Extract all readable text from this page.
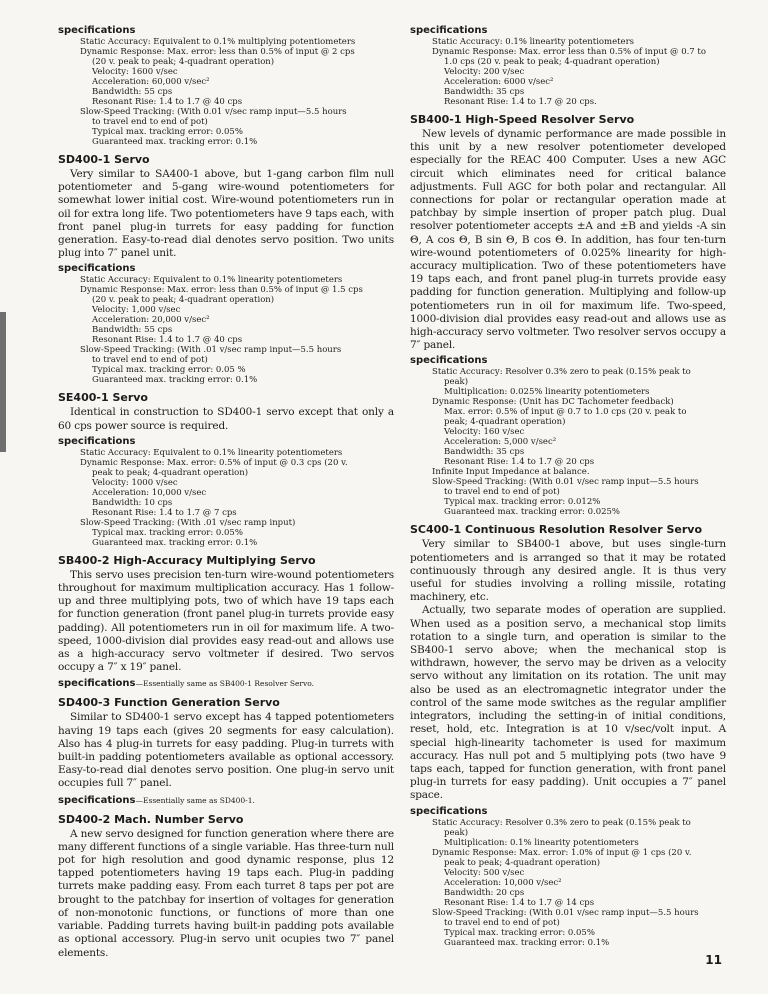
specifications
Static Accuracy: Equivalent to 0.1% multiplying potentiometers
Dynamic Response: Max. error: less than 0.5% of input @ 2 cps
(20 v. peak to peak; 4-quadrant operation)
Velocity: 1600 v/sec
Acceleration: 60,000 v/sec²
Bandwidth: 55 cps
Resonant Rise: 1.4 to 1.7 @ 40 cps
Slow-Speed Tracking: (With 0.01 v/sec ramp input—5.5 hours
to travel end to end of pot)
Typical max. tracking error: 0.05%
Guaranteed max. tracking error: 0.1%
SD400-1 Servo

Very similar to SA400-1 above, but 1-gang carbon film null potentiometer and 5-gang wire-wound potentiometers for somewhat lower initial cost. Wire-wound potentiometers run in oil for extra long life. Two potentiometers have 9 taps each, with front panel plug-in turrets for easy padding for function generation. Easy-to-read dial denotes servo position. Two units plug into 7″ panel unit.

specifications
Static Accuracy: Equivalent to 0.1% linearity potentiometers
Dynamic Response: Max. error: less than 0.5% of input @ 1.5 cps
(20 v. peak to peak; 4-quadrant operation)
Velocity: 1,000 v/sec
Acceleration: 20,000 v/sec²
Bandwidth: 55 cps
Resonant Rise: 1.4 to 1.7 @ 40 cps
Slow-Speed Tracking: (With .01 v/sec ramp input—5.5 hours
to travel end to end of pot)
Typical max. tracking error: 0.05 %
Guaranteed max. tracking error: 0.1%
SE400-1 Servo

Identical in construction to SD400-1 servo except that only a 60 cps power source is required.

specifications
Static Accuracy: Equivalent to 0.1% linearity potentiometers
Dynamic Response: Max. error: 0.5% of input @ 0.3 cps (20 v.
peak to peak; 4-quadrant operation)
Velocity: 1000 v/sec
Acceleration: 10,000 v/sec
Bandwidth: 10 cps
Resonant Rise: 1.4 to 1.7 @ 7 cps
Slow-Speed Tracking: (With .01 v/sec ramp input)
Typical max. tracking error: 0.05%
Guaranteed max. tracking error: 0.1%
SB400-2 High-Accuracy Multiplying Servo

This servo uses precision ten-turn wire-wound potentiometers throughout for maximum multiplication accuracy. Has 1 follow-up and three multiplying pots, two of which have 19 taps each for function generation (front panel plug-in turrets provide easy padding). All potentiometers run in oil for maximum life. A two-speed, 1000-division dial provides easy read-out and allows use as a high-accuracy servo voltmeter if desired. Two servos occupy a 7″ x 19″ panel.

specifications—Essentially same as SB400-1 Resolver Servo.
SD400-3 Function Generation Servo

Similar to SD400-1 servo except has 4 tapped potentiometers having 19 taps each (gives 20 segments for easy calculation). Also has 4 plug-in turrets for easy padding. Plug-in turrets with built-in padding potentiometers available as optional accessory. Easy-to-read dial denotes servo position. One plug-in servo unit occupies full 7″ panel.

specifications—Essentially same as SD400-1.
SD400-2 Mach. Number Servo

A new servo designed for function generation where there are many different functions of a single variable. Has three-turn null pot for high resolution and good dynamic response, plus 12 tapped potentiometers having 19 taps each. Plug-in padding turrets make padding easy. From each turret 8 taps per pot are brought to the patchbay for insertion of voltages for generation of non-monotonic functions, or functions of more than one variable. Padding turrets having built-in padding pots available as optional accessory. Plug-in servo unit ocupies two 7″ panel elements.

specifications
Static Accuracy: 0.1% linearity potentiometers
Dynamic Response: Max. error less than 0.5% of input @ 0.7 to
1.0 cps (20 v. peak to peak; 4-quadrant operation)
Velocity: 200 v/sec
Acceleration: 6000 v/sec²
Bandwidth: 35 cps
Resonant Rise: 1.4 to 1.7 @ 20 cps.
SB400-1 High-Speed Resolver Servo

New levels of dynamic performance are made possible in this unit by a new resolver potentiometer developed especially for the REAC 400 Computer. Uses a new AGC circuit which eliminates need for critical balance adjustments. Full AGC for both polar and rectangular. All connections for polar or rectangular operation made at patchbay by simple insertion of proper patch plug. Dual resolver potentiometer accepts ±A and ±B and yields -A sin Θ, A cos Θ, B sin Θ, B cos Θ. In addition, has four ten-turn wire-wound potentiometers of 0.025% linearity for high-accuracy multiplication. Two of these potentiometers have 19 taps each, and front panel plug-in turrets provide easy padding for function generation. Multiplying and follow-up potentiometers run in oil for maximum life. Two-speed, 1000-division dial provides easy read-out and allows use as high-accuracy servo voltmeter. Two resolver servos occupy a 7″ panel.

specifications
Static Accuracy: Resolver 0.3% zero to peak (0.15% peak to
peak)
Multiplication: 0.025% linearity potentiometers
Dynamic Response: (Unit has DC Tachometer feedback)
Max. error: 0.5% of input @ 0.7 to 1.0 cps (20 v. peak to
peak; 4-quadrant operation)
Velocity: 160 v/sec
Acceleration: 5,000 v/sec²
Bandwidth: 35 cps
Resonant Rise: 1.4 to 1.7 @ 20 cps
Infinite Input Impedance at balance.
Slow-Speed Tracking: (With 0.01 v/sec ramp input—5.5 hours
to travel end to end of pot)
Typical max. tracking error: 0.012%
Guaranteed max. tracking error: 0.025%
SC400-1 Continuous Resolution Resolver Servo

Very similar to SB400-1 above, but uses single-turn potentiometers and is arranged so that it may be rotated continuously through any desired angle. It is thus very useful for studies involving a rolling missile, rotating machinery, etc.

Actually, two separate modes of operation are supplied. When used as a position servo, a mechanical stop limits rotation to a single turn, and operation is similar to the SB400-1 servo above; when the mechanical stop is withdrawn, however, the servo may be driven as a velocity servo without any limitation on its rotation. The unit may also be used as an electromagnetic integrator under the control of the same mode switches as the regular amplifier integrators, including the setting-in of initial conditions, reset, hold, etc. Integration is at 10 v/sec/volt input. A special high-linearity tachometer is used for maximum accuracy. Has null pot and 5 multiplying pots (two have 9 taps each, tapped for function generation, with front panel plug-in turrets for easy padding). Unit occupies a 7″ panel space.

specifications
Static Accuracy: Resolver 0.3% zero to peak (0.15% peak to
peak)
Multiplication: 0.1% linearity potentiometers
Dynamic Response: Max. error: 1.0% of input @ 1 cps (20 v.
peak to peak; 4-quadrant operation)
Velocity: 500 v/sec
Acceleration: 10,000 v/sec²
Bandwidth: 20 cps
Resonant Rise: 1.4 to 1.7 @ 14 cps
Slow-Speed Tracking: (With 0.01 v/sec ramp input—5.5 hours
to travel end to end of pot)
Typical max. tracking error: 0.05%
Guaranteed max. tracking error: 0.1%
11
